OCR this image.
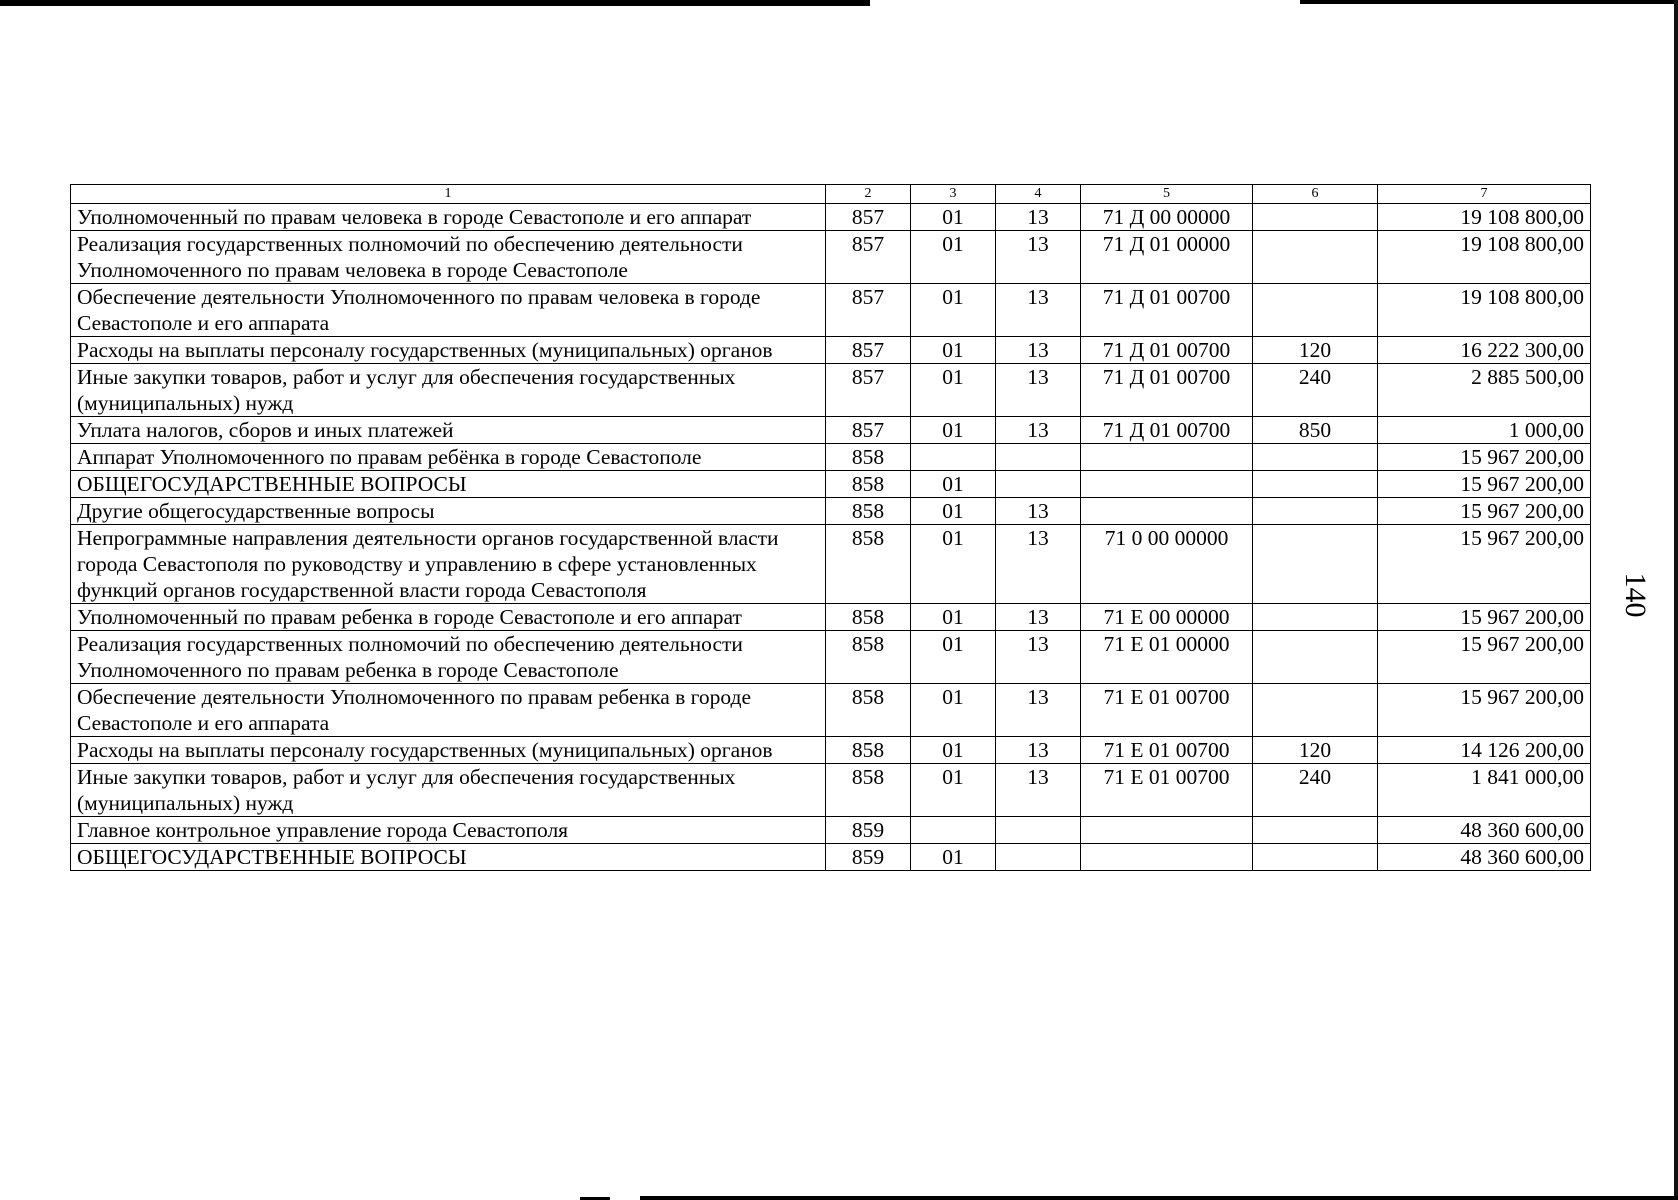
140
1	2	3	4	5	6	7
Уполномоченный по правам человека в городе Севастополе и его аппарат	857	01	13	71 Д 00 00000		19 108 800,00
Реализация государственных полномочий по обеспечению деятельности Уполномоченного по правам человека в городе Севастополе	857	01	13	71 Д 01 00000		19 108 800,00
Обеспечение деятельности Уполномоченного по правам человека в городе Севастополе и его аппарата	857	01	13	71 Д 01 00700		19 108 800,00
Расходы на выплаты персоналу государственных (муниципальных) органов	857	01	13	71 Д 01 00700	120	16 222 300,00
Иные закупки товаров, работ и услуг для обеспечения государственных (муниципальных) нужд	857	01	13	71 Д 01 00700	240	2 885 500,00
Уплата налогов, сборов и иных платежей	857	01	13	71 Д 01 00700	850	1 000,00
Аппарат Уполномоченного по правам ребёнка в городе Севастополе	858					15 967 200,00
ОБЩЕГОСУДАРСТВЕННЫЕ ВОПРОСЫ	858	01				15 967 200,00
Другие общегосударственные вопросы	858	01	13			15 967 200,00
Непрограммные направления деятельности органов государственной власти города Севастополя по руководству и управлению в сфере установленных функций органов государственной власти города Севастополя	858	01	13	71 0 00 00000		15 967 200,00
Уполномоченный по правам ребенка в городе Севастополе и его аппарат	858	01	13	71 Е 00 00000		15 967 200,00
Реализация государственных полномочий по обеспечению деятельности Уполномоченного по правам ребенка в городе Севастополе	858	01	13	71 Е 01 00000		15 967 200,00
Обеспечение деятельности Уполномоченного по правам ребенка в городе Севастополе и его аппарата	858	01	13	71 Е 01 00700		15 967 200,00
Расходы на выплаты персоналу государственных (муниципальных) органов	858	01	13	71 Е 01 00700	120	14 126 200,00
Иные закупки товаров, работ и услуг для обеспечения государственных (муниципальных) нужд	858	01	13	71 Е 01 00700	240	1 841 000,00
Главное контрольное управление города Севастополя	859					48 360 600,00
ОБЩЕГОСУДАРСТВЕННЫЕ ВОПРОСЫ	859	01				48 360 600,00
